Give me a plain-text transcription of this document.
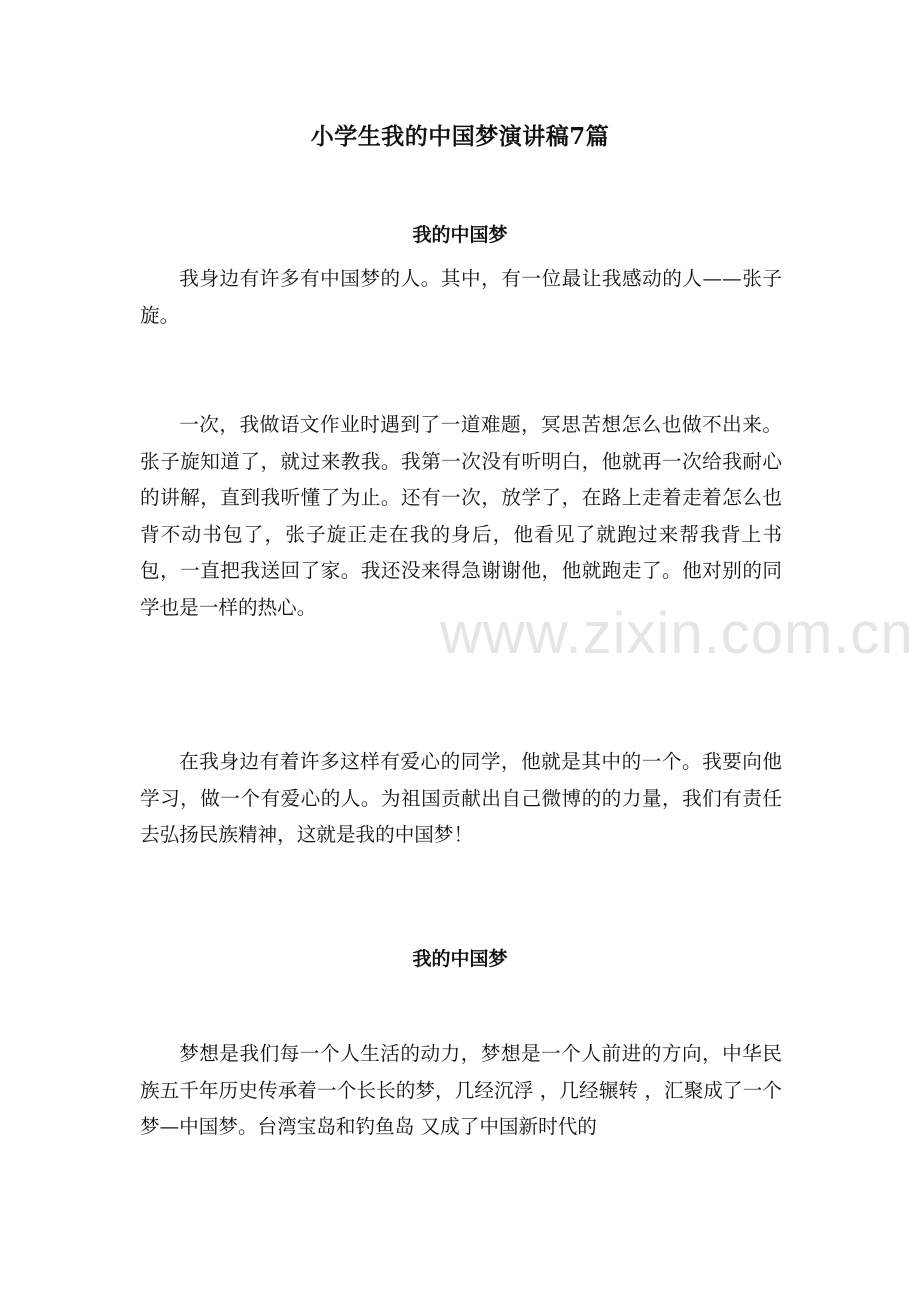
小学生我的中国梦演讲稿7篇
我的中国梦

我身边有许多有中国梦的人。其中，有一位最让我感动的人——张子旋。

一次，我做语文作业时遇到了一道难题，冥思苦想怎么也做不出来。张子旋知道了，就过来教我。我第一次没有听明白，他就再一次给我耐心的讲解，直到我听懂了为止。还有一次，放学了，在路上走着走着怎么也背不动书包了，张子旋正走在我的身后，他看见了就跑过来帮我背上书包，一直把我送回了家。我还没来得急谢谢他，他就跑走了。他对别的同学也是一样的热心。

在我身边有着许多这样有爱心的同学，他就是其中的一个。我要向他学习，做一个有爱心的人。为祖国贡献出自己微博的的力量，我们有责任去弘扬民族精神，这就是我的中国梦！

我的中国梦

梦想是我们每一个人生活的动力，梦想是一个人前进的方向，中华民族五千年历史传承着一个长长的梦，几经沉浮 ，几经辗转 ，汇聚成了一个梦—中国梦。台湾宝岛和钓鱼岛 又成了中国新时代的

www.zixin.com.cn
